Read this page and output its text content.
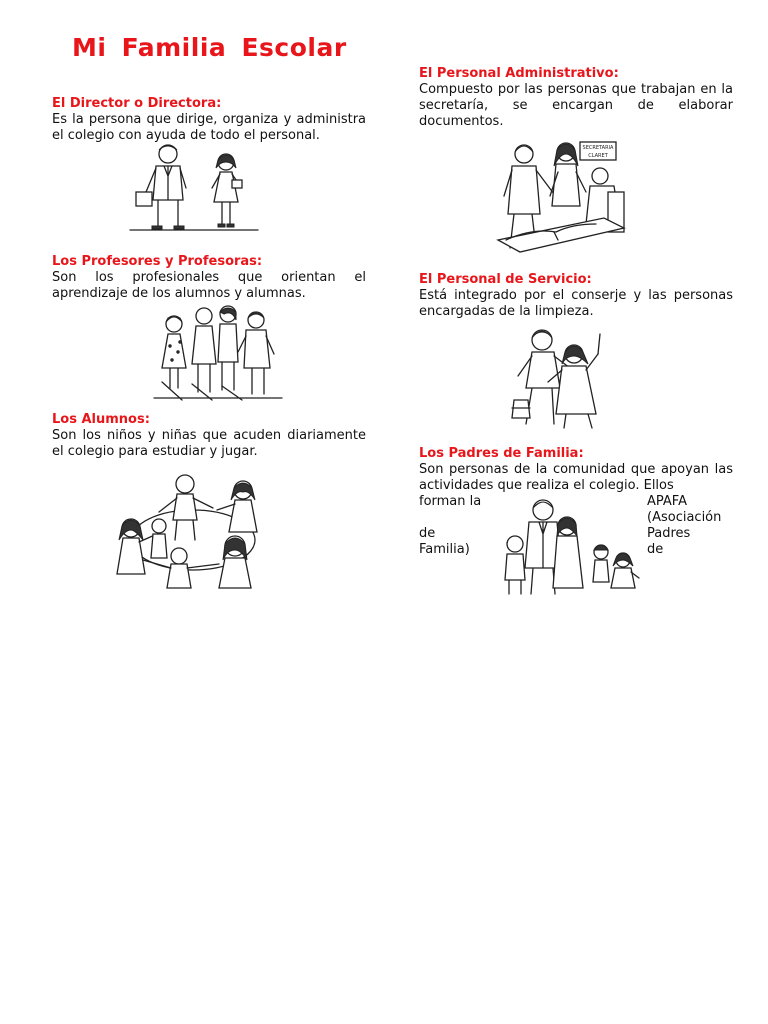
Mi Familia Escolar
El Director o Directora:
Es la persona que dirige, organiza y administra el colegio con ayuda de todo el personal.
Los Profesores y Profesoras:
Son los profesionales que orientan el aprendizaje de los alumnos y alumnas.
Los Alumnos:
Son los niños y niñas que acuden diariamente el colegio para estudiar y jugar.
El Personal Administrativo:
Compuesto por las personas que trabajan en la secretaría, se encargan de elaborar documentos.
SECRETARIA
CLARET
El Personal de Servicio:
Está integrado por el conserje y las personas encargadas de la limpieza.
Los Padres de Familia:
Son personas de la comunidad que apoyan las actividades que realiza el colegio. Ellos
forman la	APAFA
(Asociación
Padres de
de
Familia)
